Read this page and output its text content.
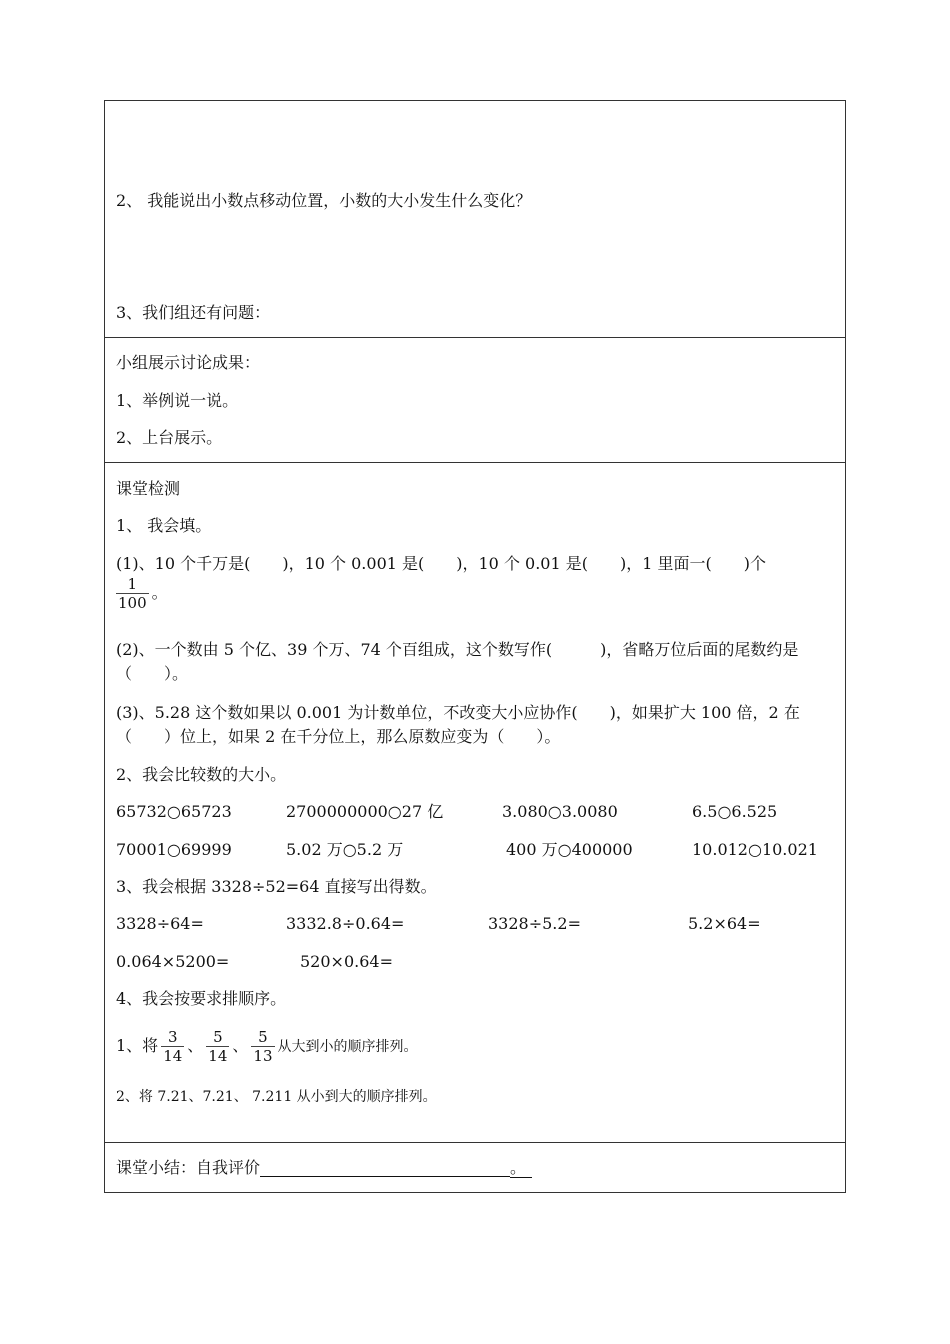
2、 我能说出小数点移动位置，小数的大小发生什么变化？
3、我们组还有问题：
小组展示讨论成果：
1、举例说一说。
2、上台展示。
课堂检测
1、 我会填。
(1)、10 个千万是(　　)，10 个 0.001 是(　　)，10 个 0.01 是(　　)，1 里面一(　　)个
$\frac{1}{100}$ 。
(2)、一个数由 5 个亿、39 个万、74 个百组成，这个数写作(　　　)，省略万位后面的尾数约是（　　）。
(3)、5.28 这个数如果以 0.001 为计数单位，不改变大小应协作(　　)，如果扩大 100 倍，2 在（　　）位上，如果 2 在千分位上，那么原数应变为（　　）。
2、我会比较数的大小。
65732○65723	2700000000○27 亿	3.080○3.0080	6.5○6.525
70001○69999	5.02 万○5.2 万	400 万○400000	10.012○10.021
3、我会根据 3328÷52=64 直接写出得数。
3328÷64=	3332.8÷0.64=	3328÷5.2=	5.2×64=
0.064×5200=	520×0.64=
4、我会按要求排顺序。
1、将 $\frac{3}{14}$ 、 $\frac{5}{14}$ 、 $\frac{5}{13}$ 从大到小的顺序排列。
2、将 7.21、7.21、 7.211 从小到大的顺序排列。
课堂小结：自我评价	。
